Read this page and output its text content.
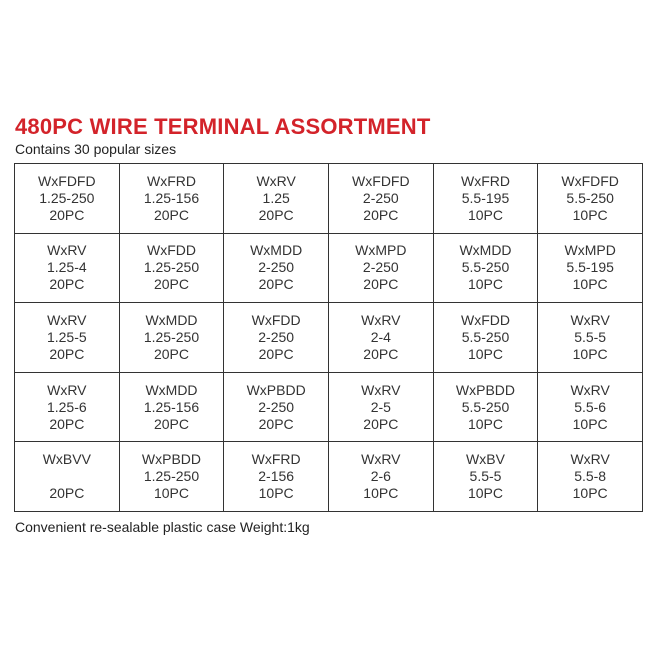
480PC WIRE TERMINAL ASSORTMENT
Contains 30 popular sizes
WxFDFD
1.25-250
20PC
WxFRD
1.25-156
20PC
WxRV
1.25
20PC
WxFDFD
2-250
20PC
WxFRD
5.5-195
10PC
WxFDFD
5.5-250
10PC
WxRV
1.25-4
20PC
WxFDD
1.25-250
20PC
WxMDD
2-250
20PC
WxMPD
2-250
20PC
WxMDD
5.5-250
10PC
WxMPD
5.5-195
10PC
WxRV
1.25-5
20PC
WxMDD
1.25-250
20PC
WxFDD
2-250
20PC
WxRV
2-4
20PC
WxFDD
5.5-250
10PC
WxRV
5.5-5
10PC
WxRV
1.25-6
20PC
WxMDD
1.25-156
20PC
WxPBDD
2-250
20PC
WxRV
2-5
20PC
WxPBDD
5.5-250
10PC
WxRV
5.5-6
10PC
WxBVV
20PC
WxPBDD
1.25-250
10PC
WxFRD
2-156
10PC
WxRV
2-6
10PC
WxBV
5.5-5
10PC
WxRV
5.5-8
10PC
Convenient re-sealable plastic case Weight:1kg
